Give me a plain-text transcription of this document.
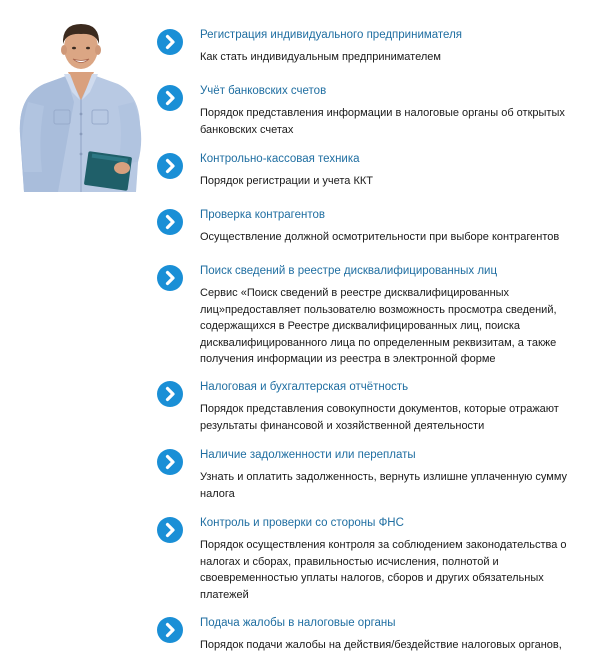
Регистрация индивидуального предпринимателя
Как стать индивидуальным предпринимателем
Учёт банковских счетов
Порядок представления информации в налоговые органы об открытых
банковских счетах
Контрольно-кассовая техника
Порядок регистрации и учета ККТ
Проверка контрагентов
Осуществление должной осмотрительности при выборе контрагентов
Поиск сведений в реестре дисквалифицированных лиц
Сервис «Поиск сведений в реестре дисквалифицированных
лиц»предоставляет пользователю возможность просмотра сведений,
содержащихся в Реестре дисквалифицированных лиц, поиска
дисквалифицированного лица по определенным реквизитам, а также
получения информации из реестра в электронной форме
Налоговая и бухгалтерская отчётность
Порядок представления совокупности документов, которые отражают
результаты финансовой и хозяйственной деятельности
Наличие задолженности или переплаты
Узнать и оплатить задолженность, вернуть излишне уплаченную сумму
налога
Контроль и проверки со стороны ФНС
Порядок осуществления контроля за соблюдением законодательства о
налогах и сборах, правильностью исчисления, полнотой и
своевременностью уплаты налогов, сборов и других обязательных
платежей
Подача жалобы в налоговые органы
Порядок подачи жалобы на действия/бездействие налоговых органов,
